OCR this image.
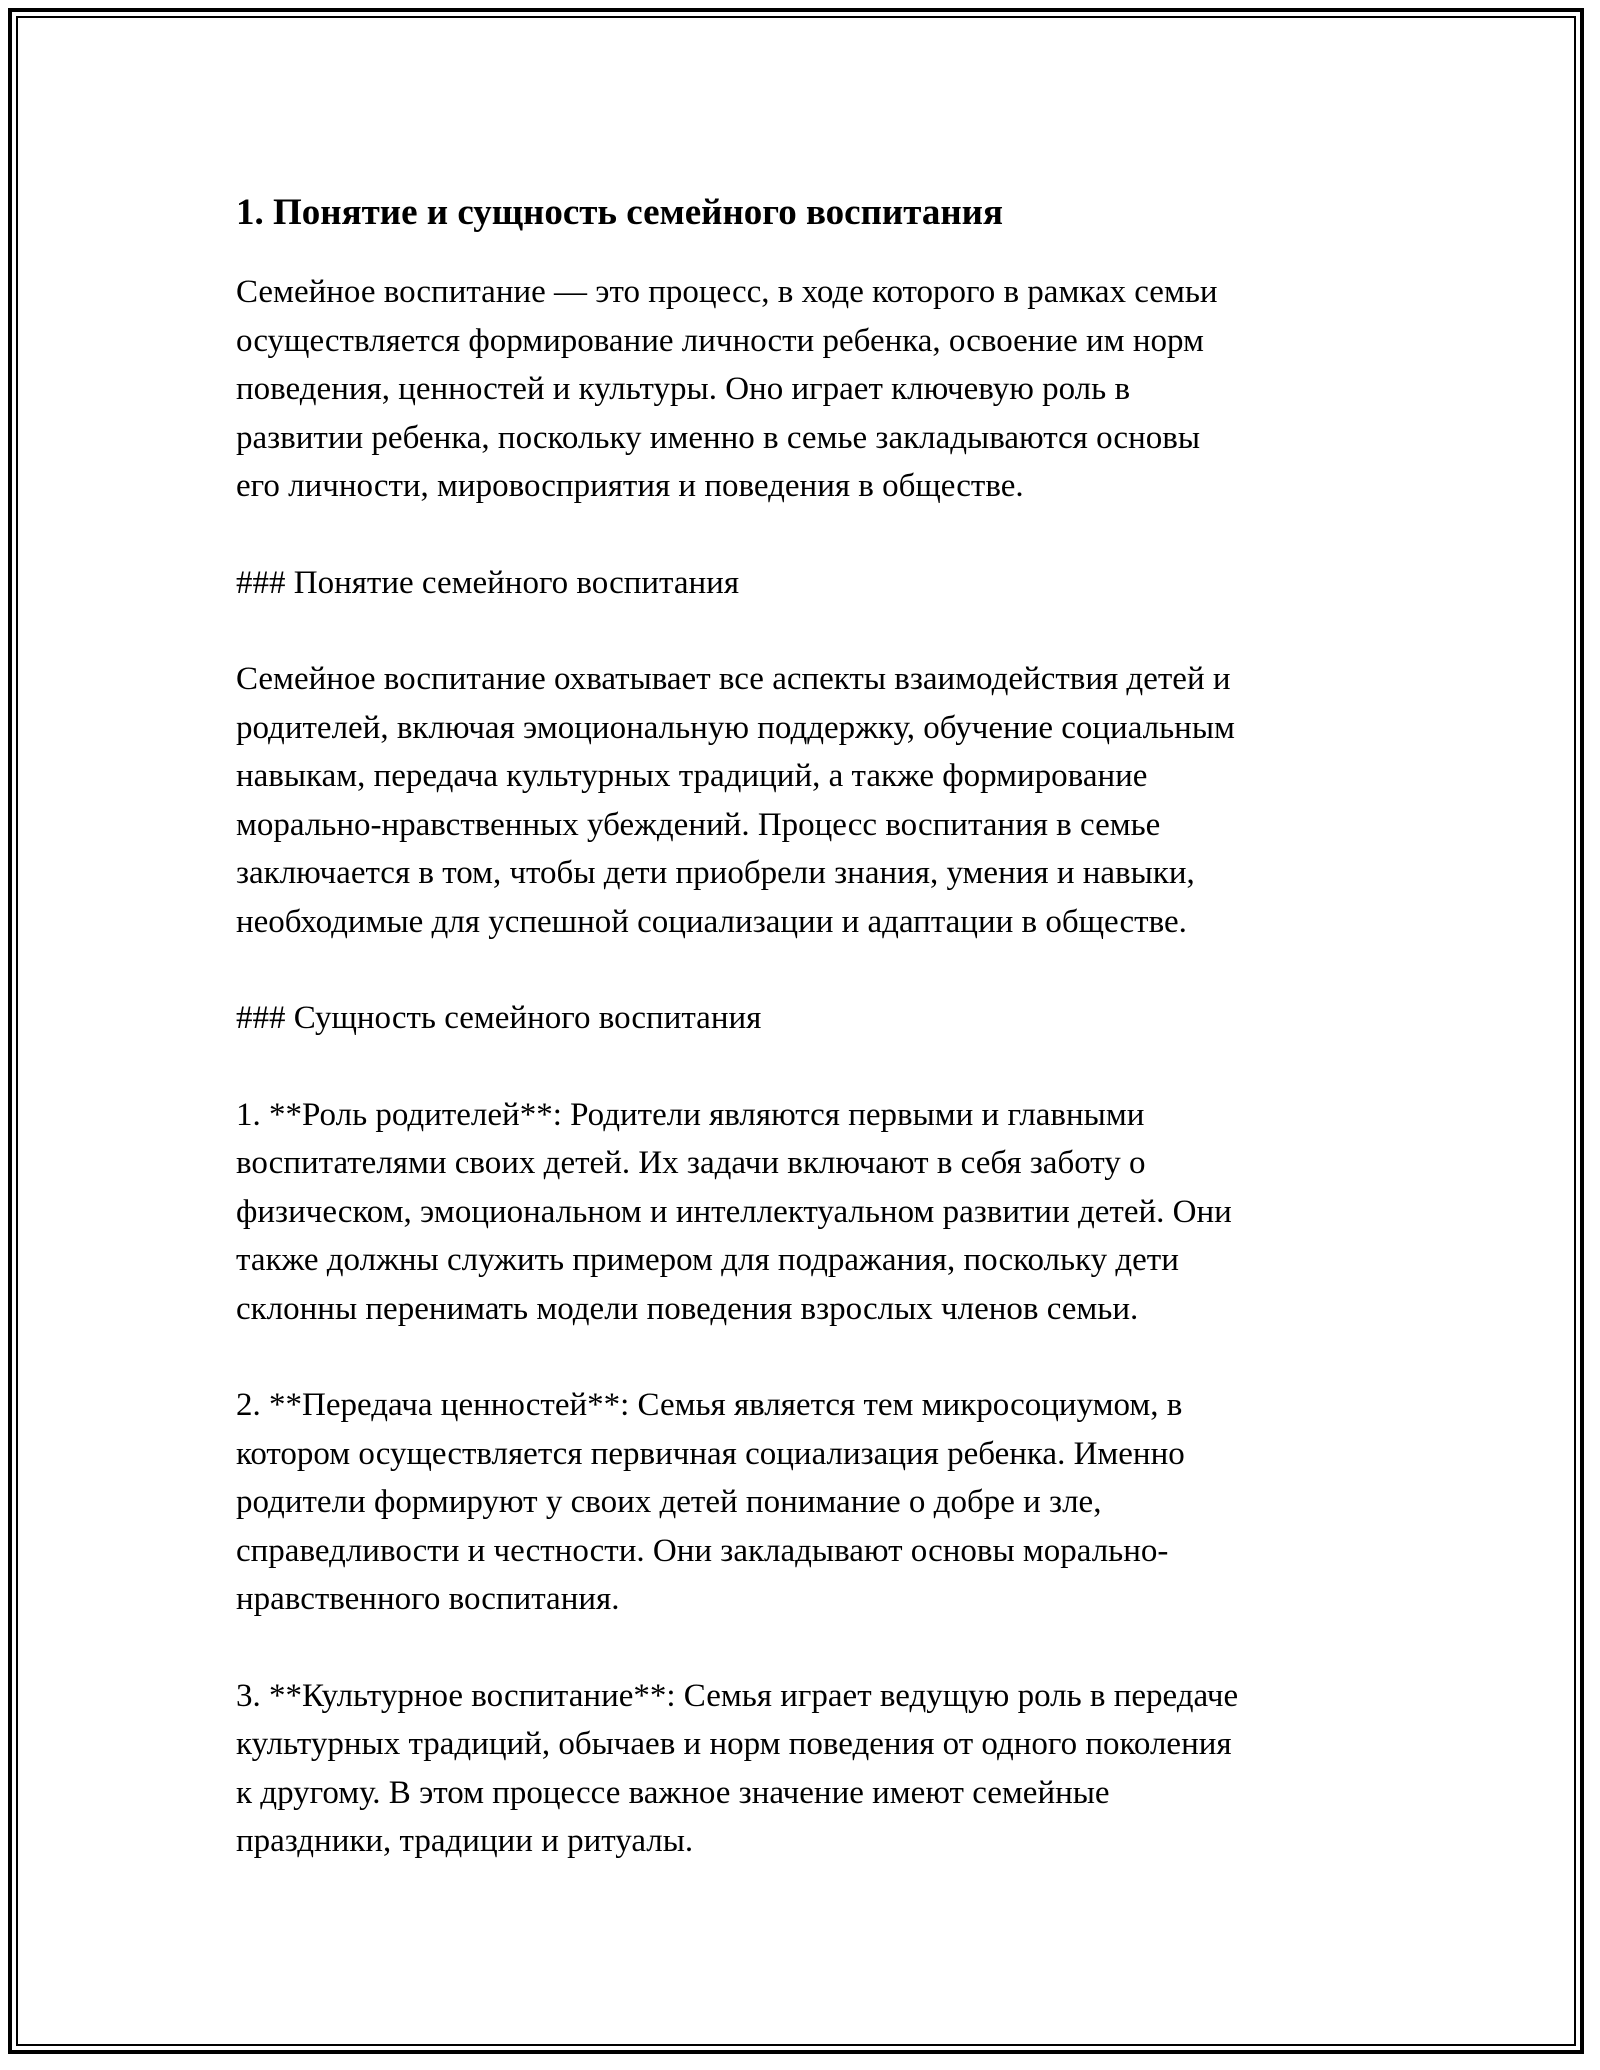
1. Понятие и сущность семейного воспитания

Семейное воспитание — это процесс, в ходе которого в рамках семьи
осуществляется формирование личности ребенка, освоение им норм
поведения, ценностей и культуры. Оно играет ключевую роль в
развитии ребенка, поскольку именно в семье закладываются основы
его личности, мировосприятия и поведения в обществе.

### Понятие семейного воспитания

Семейное воспитание охватывает все аспекты взаимодействия детей и
родителей, включая эмоциональную поддержку, обучение социальным
навыкам, передача культурных традиций, а также формирование
морально-нравственных убеждений. Процесс воспитания в семье
заключается в том, чтобы дети приобрели знания, умения и навыки,
необходимые для успешной социализации и адаптации в обществе.

### Сущность семейного воспитания

1. **Роль родителей**: Родители являются первыми и главными
воспитателями своих детей. Их задачи включают в себя заботу о
физическом, эмоциональном и интеллектуальном развитии детей. Они
также должны служить примером для подражания, поскольку дети
склонны перенимать модели поведения взрослых членов семьи.

2. **Передача ценностей**: Семья является тем микросоциумом, в
котором осуществляется первичная социализация ребенка. Именно
родители формируют у своих детей понимание о добре и зле,
справедливости и честности. Они закладывают основы морально-
нравственного воспитания.

3. **Культурное воспитание**: Семья играет ведущую роль в передаче
культурных традиций, обычаев и норм поведения от одного поколения
к другому. В этом процессе важное значение имеют семейные
праздники, традиции и ритуалы.
